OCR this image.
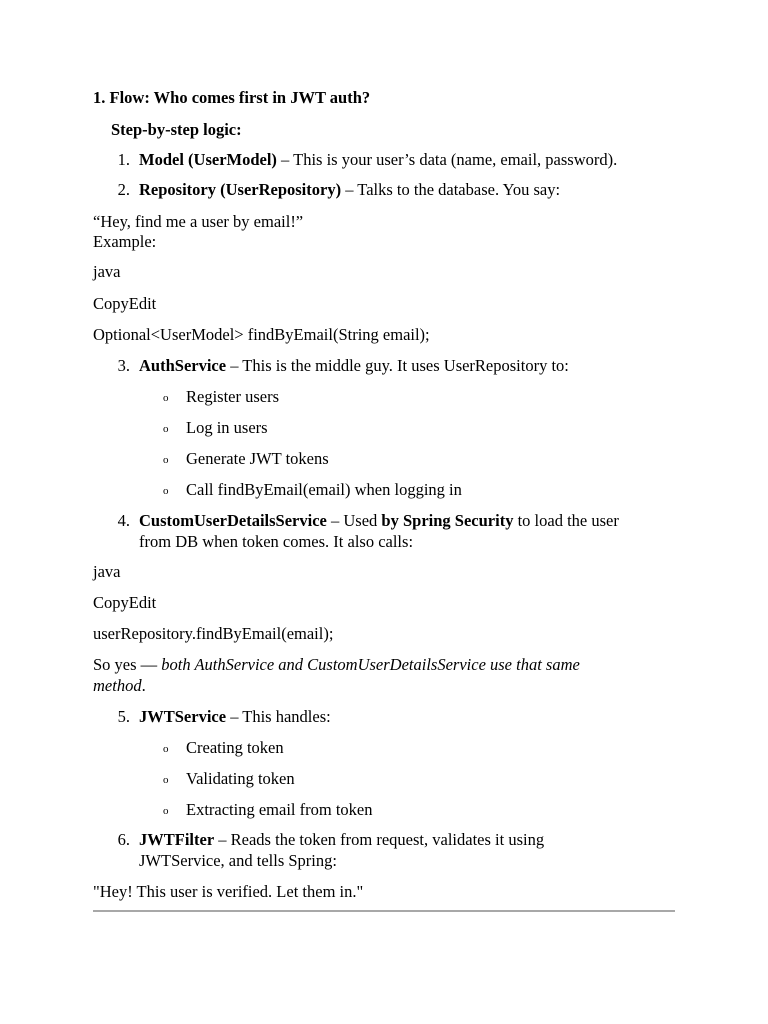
1. Flow: Who comes first in JWT auth?
Step-by-step logic:
1. Model (UserModel) – This is your user’s data (name, email, password).
2. Repository (UserRepository) – Talks to the database. You say:
“Hey, find me a user by email!”
Example:
java
CopyEdit
Optional<UserModel> findByEmail(String email);
3. AuthService – This is the middle guy. It uses UserRepository to:
o Register users
o Log in users
o Generate JWT tokens
o Call findByEmail(email) when logging in
4. CustomUserDetailsService – Used by Spring Security to load the user
from DB when token comes. It also calls:
java
CopyEdit
userRepository.findByEmail(email);
So yes — both AuthService and CustomUserDetailsService use that same
method.
5. JWTService – This handles:
o Creating token
o Validating token
o Extracting email from token
6. JWTFilter – Reads the token from request, validates it using
JWTService, and tells Spring:
"Hey! This user is verified. Let them in."
